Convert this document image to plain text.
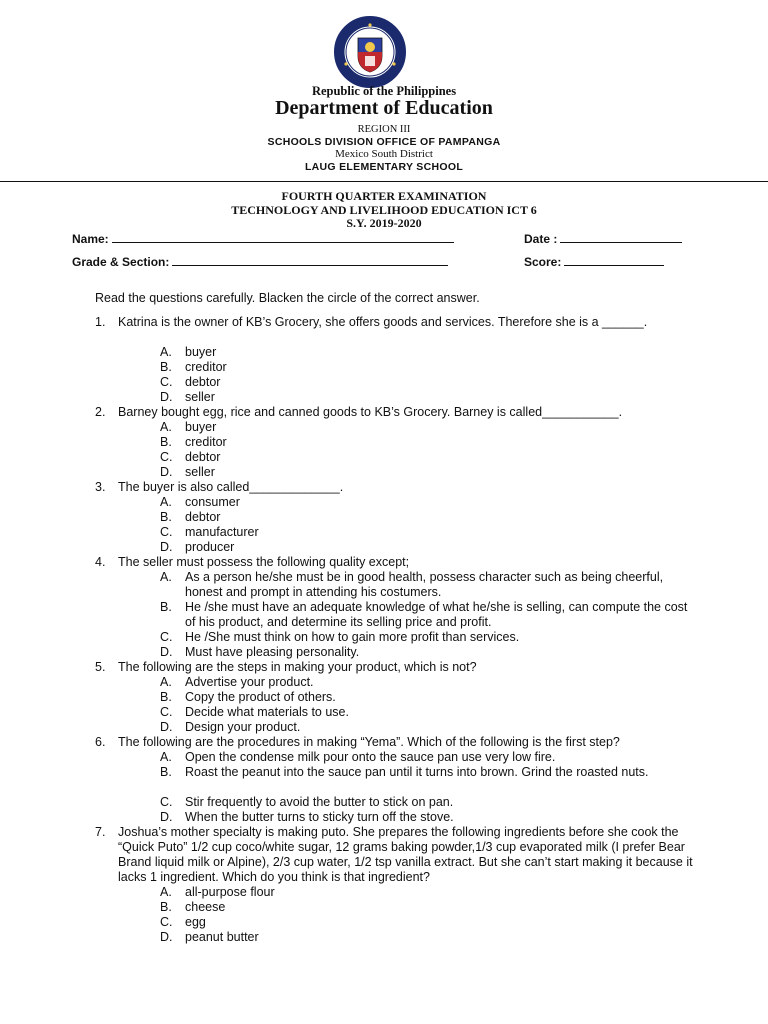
Republic of the Philippines
Department of Education
REGION III
SCHOOLS DIVISION OFFICE OF PAMPANGA
Mexico South District
LAUG ELEMENTARY SCHOOL
FOURTH QUARTER EXAMINATION
TECHNOLOGY AND LIVELIHOOD EDUCATION ICT 6
S.Y. 2019-2020
Name:	Date :
Grade & Section:	Score:
Read the questions carefully. Blacken the circle of the correct answer.
1. Katrina is the owner of KB’s Grocery, she offers goods and services. Therefore she is a ______.
A. buyer
B. creditor
C. debtor
D. seller
2. Barney bought egg, rice and canned goods to KB’s Grocery. Barney is called___________.
A. buyer
B. creditor
C. debtor
D. seller
3. The buyer is also called_____________.
A. consumer
B. debtor
C. manufacturer
D. producer
4. The seller must possess the following quality except;
A. As a person he/she must be in good health, possess character such as being cheerful, honest and prompt in attending his costumers.
B. He /she must have an adequate knowledge of what he/she is selling, can compute the cost of his product, and determine its selling price and profit.
C. He /She must think on how to gain more profit than services.
D. Must have pleasing personality.
5. The following are the steps in making your product, which is not?
A. Advertise your product.
B. Copy the product of others.
C. Decide what materials to use.
D. Design your product.
6. The following are the procedures in making “Yema”. Which of the following is the first step?
A. Open the condense milk pour onto the sauce pan use very low fire.
B. Roast the peanut into the sauce pan until it turns into brown. Grind the roasted nuts.
C. Stir frequently to avoid the butter to stick on pan.
D. When the butter turns to sticky turn off the stove.
7. Joshua’s mother specialty is making puto. She prepares the following ingredients before she cook the “Quick Puto” 1/2 cup coco/white sugar, 12 grams baking powder,1/3 cup evaporated milk (I prefer Bear Brand liquid milk or Alpine), 2/3 cup water, 1/2 tsp vanilla extract. But she can’t start making it because it lacks 1 ingredient. Which do you think is that ingredient?
A. all-purpose flour
B. cheese
C. egg
D. peanut butter
